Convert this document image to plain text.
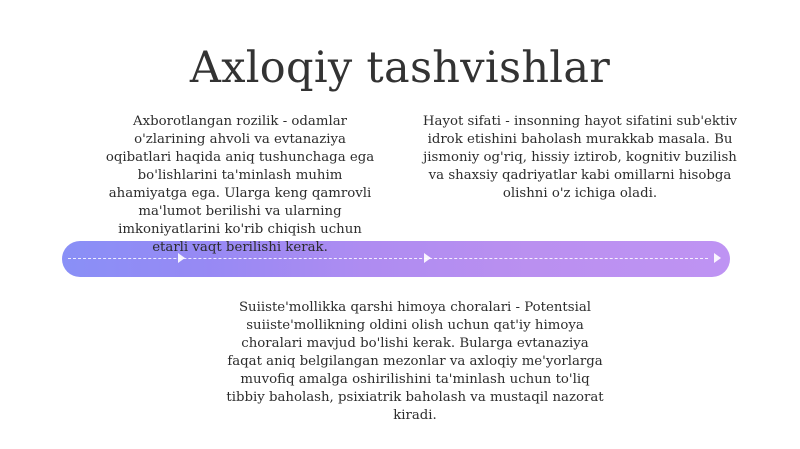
Axloqiy tashvishlar
Axborotlangan rozilik - odamlar o'zlarining ahvoli va evtanaziya oqibatlari haqida aniq tushunchaga ega bo'lishlarini ta'minlash muhim ahamiyatga ega. Ularga keng qamrovli ma'lumot berilishi va ularning imkoniyatlarini ko'rib chiqish uchun etarli vaqt berilishi kerak.
Hayot sifati - insonning hayot sifatini sub'ektiv idrok etishini baholash murakkab masala. Bu jismoniy og'riq, hissiy iztirob, kognitiv buzilish va shaxsiy qadriyatlar kabi omillarni hisobga olishni o'z ichiga oladi.
Suiiste'mollikka qarshi himoya choralari - Potentsial suiiste'mollikning oldini olish uchun qat'iy himoya choralari mavjud bo'lishi kerak. Bularga evtanaziya faqat aniq belgilangan mezonlar va axloqiy me'yorlarga muvofiq amalga oshirilishini ta'minlash uchun to'liq tibbiy baholash, psixiatrik baholash va mustaqil nazorat kiradi.
